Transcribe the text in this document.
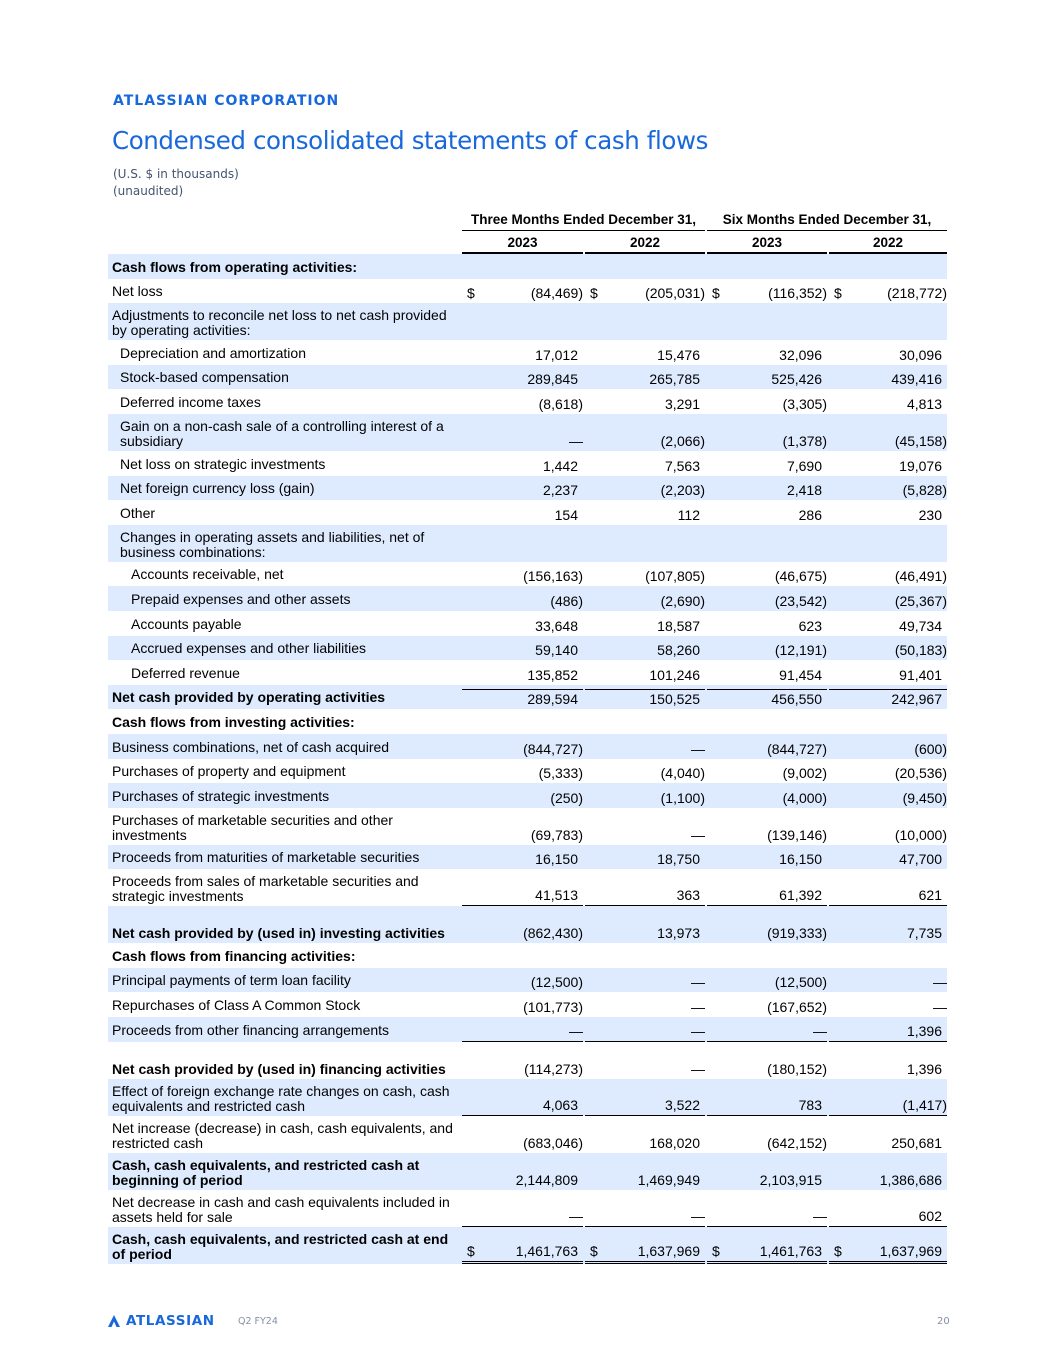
ATLASSIAN CORPORATION
Condensed consolidated statements of cash flows
(U.S. $ in thousands)
(unaudited)
Three Months Ended December 31,	Six Months Ended December 31,
2023	2022	2023	2022
Cash flows from operating activities:
Net loss	$	(84,469) $	(205,031) $	(116,352) $	(218,772)
Adjustments to reconcile net loss to net cash provided by operating activities:
Depreciation and amortization	17,012	15,476	32,096	30,096
Stock-based compensation	289,845	265,785	525,426	439,416
Deferred income taxes	(8,618)	3,291	(3,305)	4,813
Gain on a non-cash sale of a controlling interest of a subsidiary	—	(2,066)	(1,378)	(45,158)
Net loss on strategic investments	1,442	7,563	7,690	19,076
Net foreign currency loss (gain)	2,237	(2,203)	2,418	(5,828)
Other	154	112	286	230
Changes in operating assets and liabilities, net of business combinations:
Accounts receivable, net	(156,163)	(107,805)	(46,675)	(46,491)
Prepaid expenses and other assets	(486)	(2,690)	(23,542)	(25,367)
Accounts payable	33,648	18,587	623	49,734
Accrued expenses and other liabilities	59,140	58,260	(12,191)	(50,183)
Deferred revenue	135,852	101,246	91,454	91,401
Net cash provided by operating activities	289,594	150,525	456,550	242,967
Cash flows from investing activities:
Business combinations, net of cash acquired	(844,727)	—	(844,727)	(600)
Purchases of property and equipment	(5,333)	(4,040)	(9,002)	(20,536)
Purchases of strategic investments	(250)	(1,100)	(4,000)	(9,450)
Purchases of marketable securities and other investments	(69,783)	—	(139,146)	(10,000)
Proceeds from maturities of marketable securities	16,150	18,750	16,150	47,700
Proceeds from sales of marketable securities and strategic investments	41,513	363	61,392	621
Net cash provided by (used in) investing activities	(862,430)	13,973	(919,333)	7,735
Cash flows from financing activities:
Principal payments of term loan facility	(12,500)	—	(12,500)	—
Repurchases of Class A Common Stock	(101,773)	—	(167,652)	—
Proceeds from other financing arrangements	—	—	—	1,396
Net cash provided by (used in) financing activities	(114,273)	—	(180,152)	1,396
Effect of foreign exchange rate changes on cash, cash equivalents and restricted cash	4,063	3,522	783	(1,417)
Net increase (decrease) in cash, cash equivalents, and restricted cash	(683,046)	168,020	(642,152)	250,681
Cash, cash equivalents, and restricted cash at beginning of period	2,144,809	1,469,949	2,103,915	1,386,686
Net decrease in cash and cash equivalents included in assets held for sale	—	—	—	602
Cash, cash equivalents, and restricted cash at end of period	$	1,461,763 $	1,637,969 $	1,461,763 $	1,637,969
ATLASSIAN Q2 FY24	20
